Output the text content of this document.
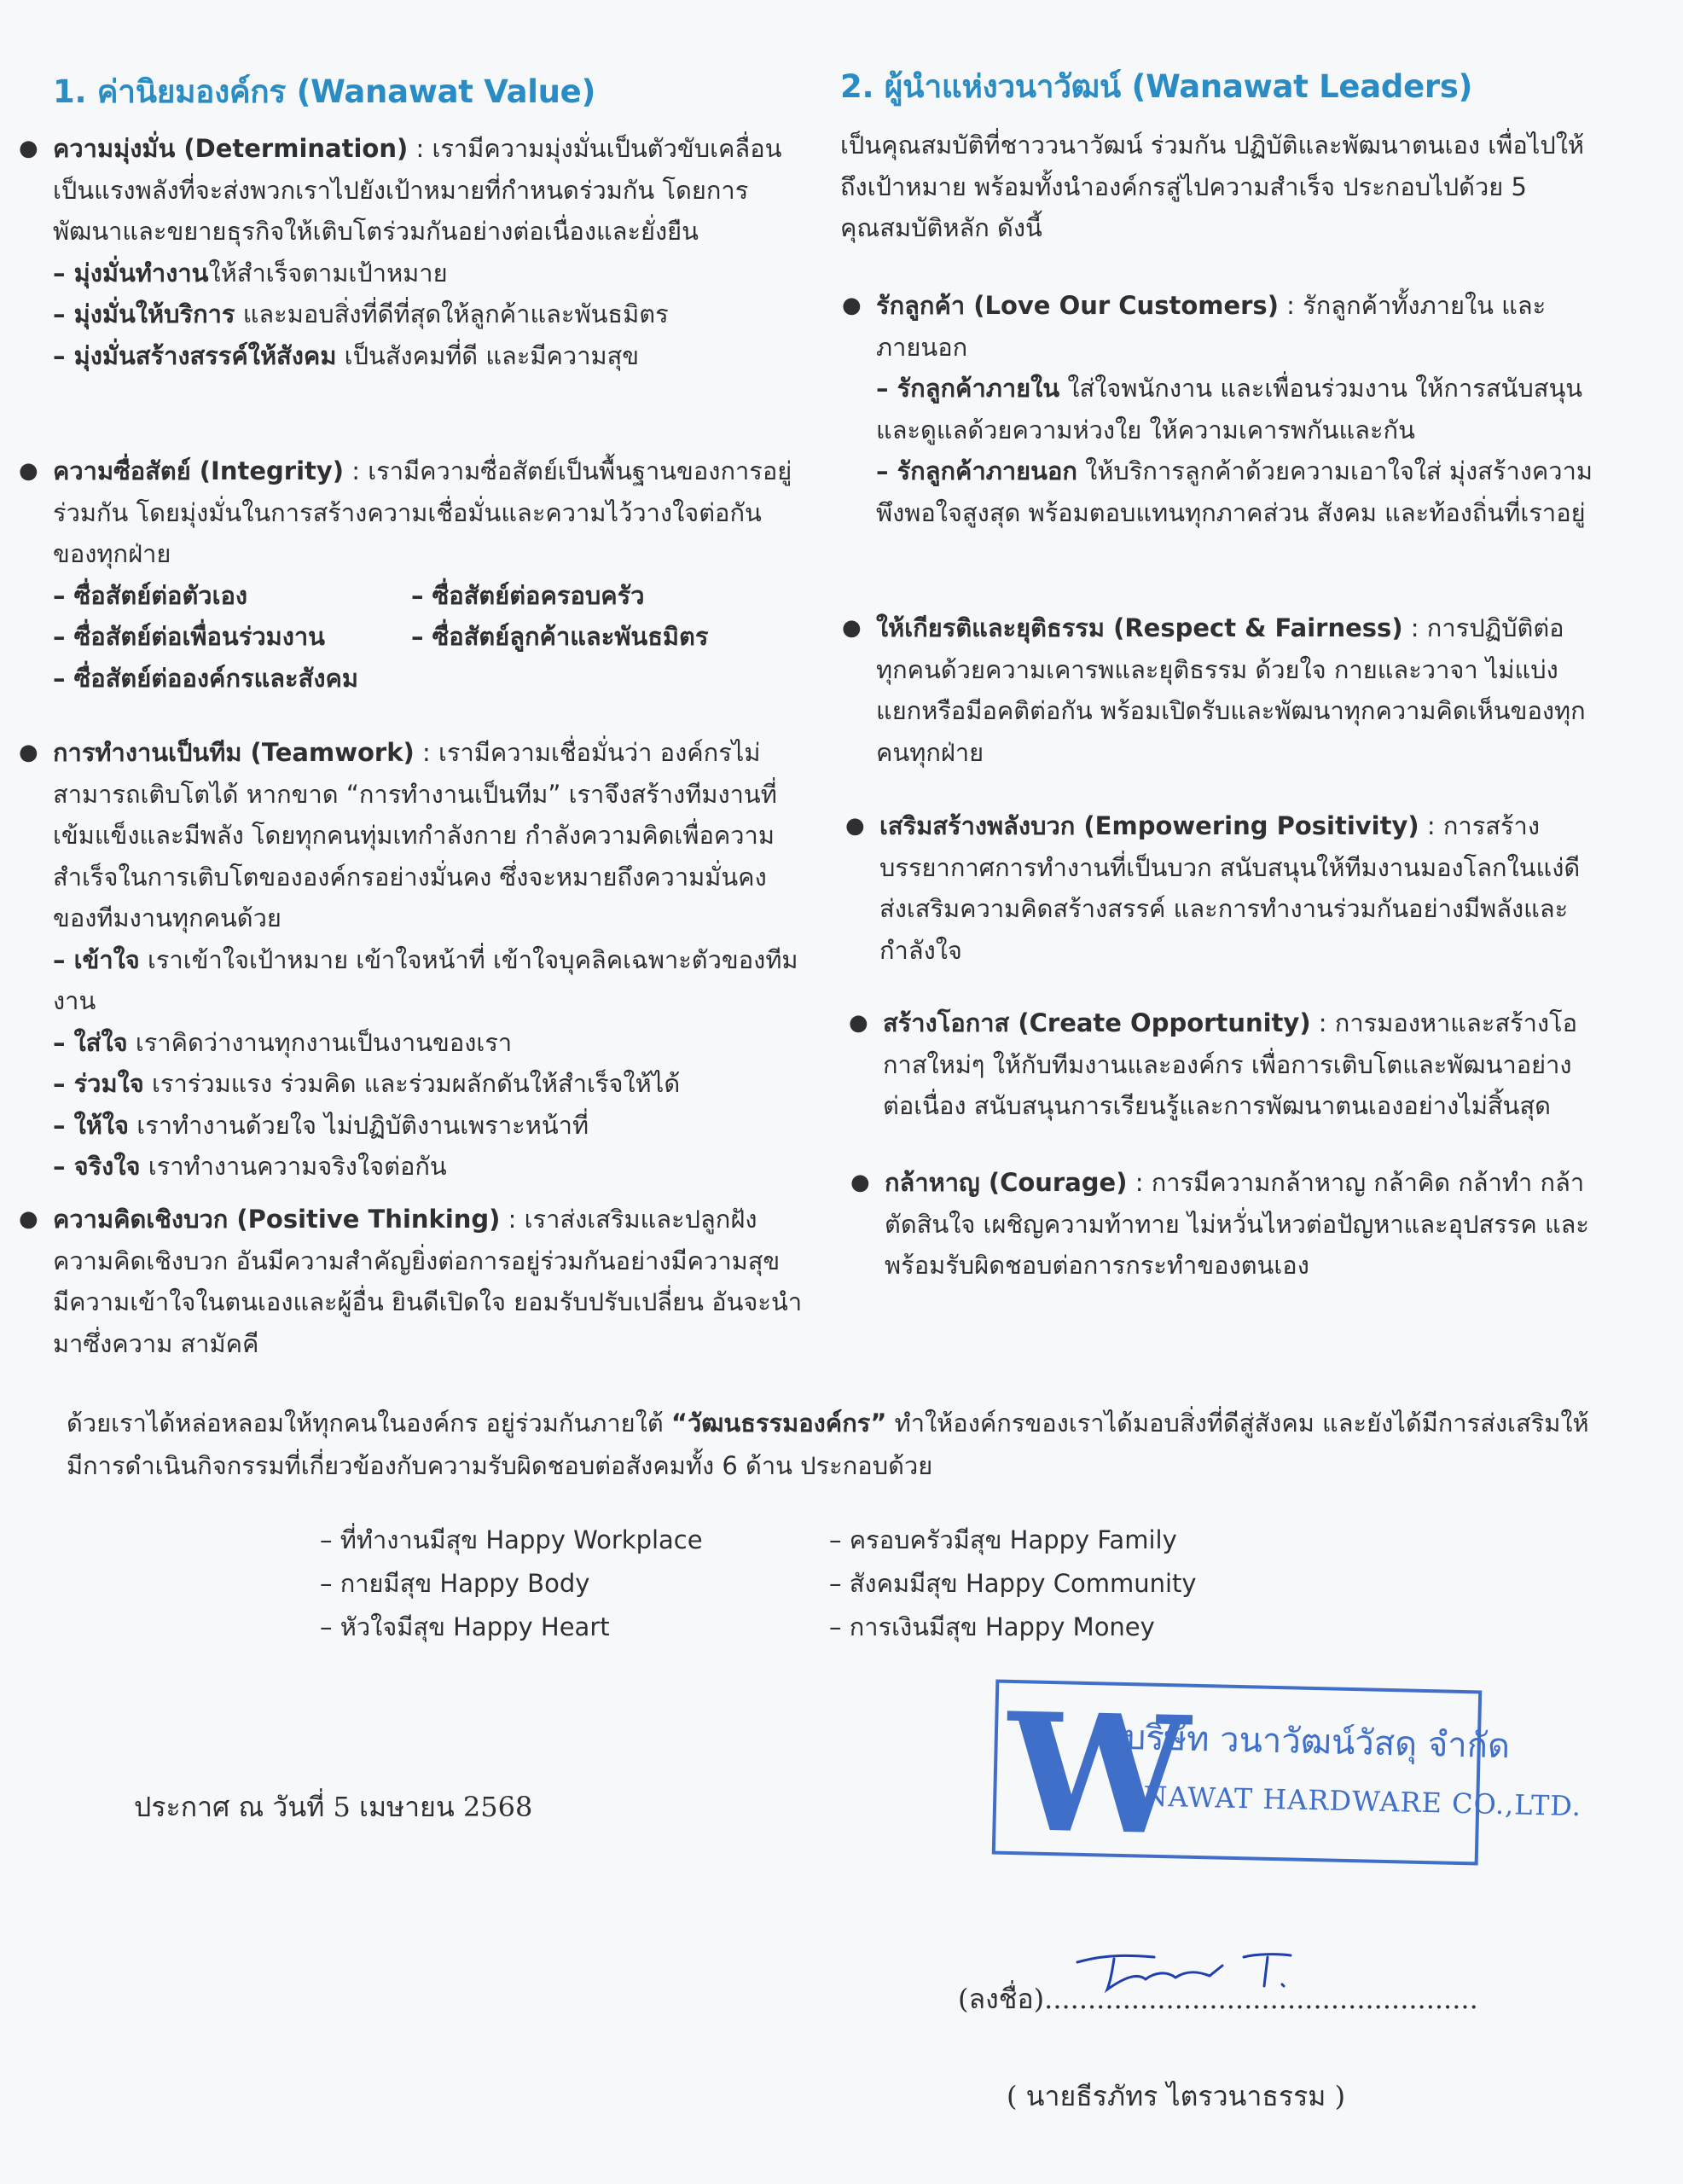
1. ค่านิยมองค์กร (Wanawat Value)
● ความมุ่งมั่น (Determination) : เรามีความมุ่งมั่นเป็นตัวขับเคลื่อน เป็นแรงพลังที่จะส่งพวกเราไปยังเป้าหมายที่กำหนดร่วมกัน โดยการพัฒนาและขยายธุรกิจให้เติบโตร่วมกันอย่างต่อเนื่องและยั่งยืน
– มุ่งมั่นทำงานให้สำเร็จตามเป้าหมาย
– มุ่งมั่นให้บริการ และมอบสิ่งที่ดีที่สุดให้ลูกค้าและพันธมิตร
– มุ่งมั่นสร้างสรรค์ให้สังคม เป็นสังคมที่ดี และมีความสุข
● ความซื่อสัตย์ (Integrity) : เรามีความซื่อสัตย์เป็นพื้นฐานของการอยู่ร่วมกัน โดยมุ่งมั่นในการสร้างความเชื่อมั่นและความไว้วางใจต่อกันของทุกฝ่าย
– ซื่อสัตย์ต่อตัวเอง
– ซื่อสัตย์ต่อเพื่อนร่วมงาน
– ซื่อสัตย์ต่อองค์กรและสังคม
– ซื่อสัตย์ต่อครอบครัว
– ซื่อสัตย์ลูกค้าและพันธมิตร
● การทำงานเป็นทีม (Teamwork) : เรามีความเชื่อมั่นว่า องค์กรไม่สามารถเติบโตได้ หากขาด “การทำงานเป็นทีม” เราจึงสร้างทีมงานที่เข้มแข็งและมีพลัง โดยทุกคนทุ่มเทกำลังกาย กำลังความคิดเพื่อความสำเร็จในการเติบโตขององค์กรอย่างมั่นคง ซึ่งจะหมายถึงความมั่นคงของทีมงานทุกคนด้วย
– เข้าใจ เราเข้าใจเป้าหมาย เข้าใจหน้าที่ เข้าใจบุคลิคเฉพาะตัวของทีมงาน
– ใส่ใจ เราคิดว่างานทุกงานเป็นงานของเรา
– ร่วมใจ เราร่วมแรง ร่วมคิด และร่วมผลักดันให้สำเร็จให้ได้
– ให้ใจ เราทำงานด้วยใจ ไม่ปฏิบัติงานเพราะหน้าที่
– จริงใจ เราทำงานความจริงใจต่อกัน
● ความคิดเชิงบวก (Positive Thinking) : เราส่งเสริมและปลูกฝังความคิดเชิงบวก อันมีความสำคัญยิ่งต่อการอยู่ร่วมกันอย่างมีความสุข มีความเข้าใจในตนเองและผู้อื่น ยินดีเปิดใจ ยอมรับปรับเปลี่ยน อันจะนำมาซึ่งความ สามัคคี
2. ผู้นำแห่งวนาวัฒน์ (Wanawat Leaders)
เป็นคุณสมบัติที่ชาววนาวัฒน์ ร่วมกัน ปฏิบัติและพัฒนาตนเอง เพื่อไปให้ถึงเป้าหมาย พร้อมทั้งนำองค์กรสู่ไปความสำเร็จ ประกอบไปด้วย 5 คุณสมบัติหลัก ดังนี้
● รักลูกค้า (Love Our Customers) : รักลูกค้าทั้งภายใน และภายนอก
– รักลูกค้าภายใน ใส่ใจพนักงาน และเพื่อนร่วมงาน ให้การสนับสนุน และดูแลด้วยความห่วงใย ให้ความเคารพกันและกัน
– รักลูกค้าภายนอก ให้บริการลูกค้าด้วยความเอาใจใส่ มุ่งสร้างความพึงพอใจสูงสุด พร้อมตอบแทนทุกภาคส่วน สังคม และท้องถิ่นที่เราอยู่
● ให้เกียรติและยุติธรรม (Respect & Fairness) : การปฏิบัติต่อทุกคนด้วยความเคารพและยุติธรรม ด้วยใจ กายและวาจา ไม่แบ่งแยกหรือมีอคติต่อกัน พร้อมเปิดรับและพัฒนาทุกความคิดเห็นของทุกคนทุกฝ่าย
● เสริมสร้างพลังบวก (Empowering Positivity) : การสร้างบรรยากาศการทำงานที่เป็นบวก สนับสนุนให้ทีมงานมองโลกในแง่ดี ส่งเสริมความคิดสร้างสรรค์ และการทำงานร่วมกันอย่างมีพลังและกำลังใจ
● สร้างโอกาส (Create Opportunity) : การมองหาและสร้างโอกาสใหม่ๆ ให้กับทีมงานและองค์กร เพื่อการเติบโตและพัฒนาอย่างต่อเนื่อง สนับสนุนการเรียนรู้และการพัฒนาตนเองอย่างไม่สิ้นสุด
● กล้าหาญ (Courage) : การมีความกล้าหาญ กล้าคิด กล้าทำ กล้าตัดสินใจ เผชิญความท้าทาย ไม่หวั่นไหวต่อปัญหาและอุปสรรค และพร้อมรับผิดชอบต่อการกระทำของตนเอง
ด้วยเราได้หล่อหลอมให้ทุกคนในองค์กร อยู่ร่วมกันภายใต้ “วัฒนธรรมองค์กร” ทำให้องค์กรของเราได้มอบสิ่งที่ดีสู่สังคม และยังได้มีการส่งเสริมให้มีการดำเนินกิจกรรมที่เกี่ยวข้องกับความรับผิดชอบต่อสังคมทั้ง 6 ด้าน ประกอบด้วย
– ที่ทำงานมีสุข Happy Workplace
– กายมีสุข Happy Body
– หัวใจมีสุข Happy Heart
– ครอบครัวมีสุข Happy Family
– สังคมมีสุข Happy Community
– การเงินมีสุข Happy Money
ประกาศ ณ วันที่ 5 เมษายน 2568	W
บริษัท วนาวัฒน์วัสดุ จำกัด
ANAWAT HARDWARE CO.,LTD.
(ลงชื่อ)..................................................
( นายธีรภัทร ไตรวนาธรรม )
